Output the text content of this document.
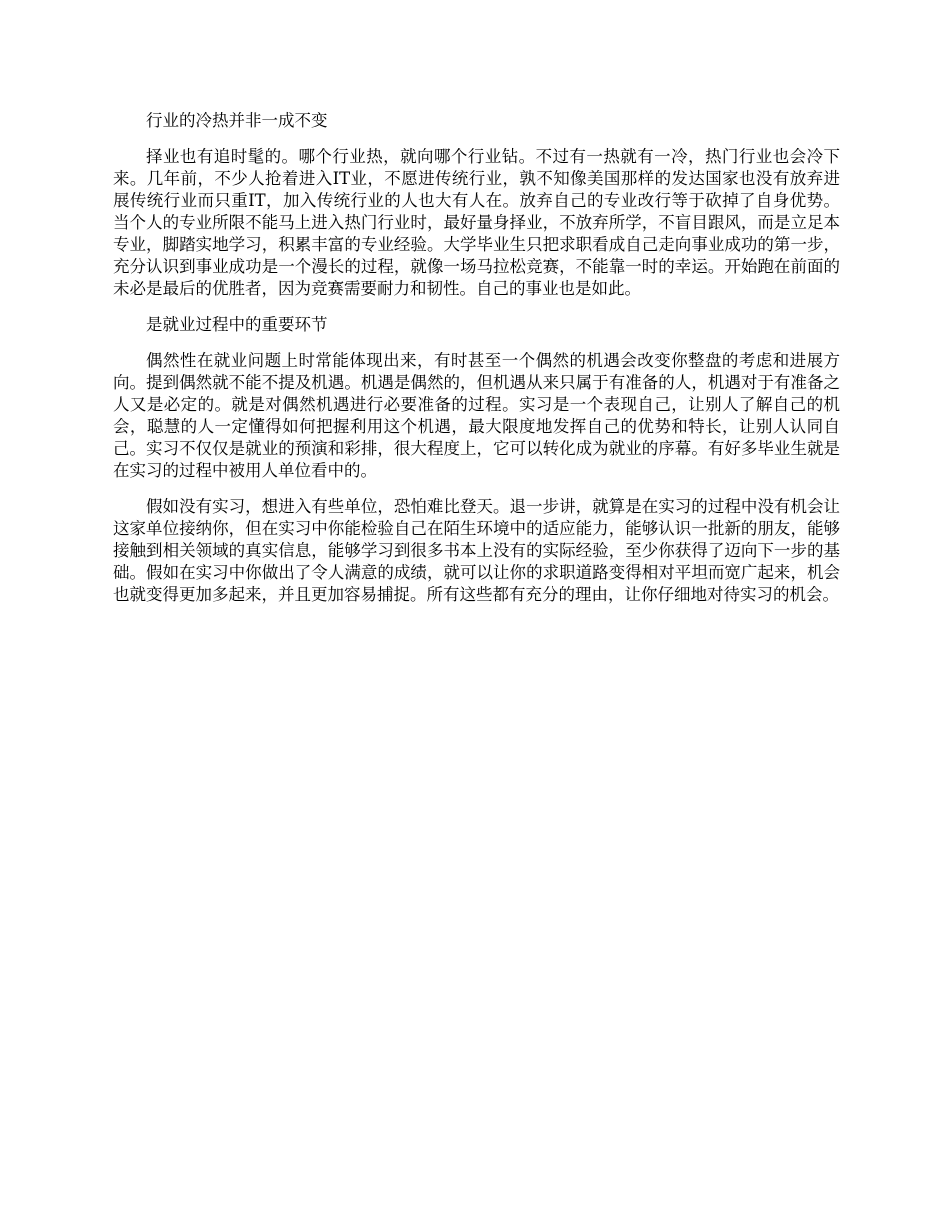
行业的冷热并非一成不变

择业也有追时髦的。哪个行业热，就向哪个行业钻。不过有一热就有一冷，热门行业也会冷下来。几年前，不少人抢着进入IT业，不愿进传统行业，孰不知像美国那样的发达国家也没有放弃进展传统行业而只重IT，加入传统行业的人也大有人在。放弃自己的专业改行等于砍掉了自身优势。当个人的专业所限不能马上进入热门行业时，最好量身择业，不放弃所学，不盲目跟风，而是立足本专业，脚踏实地学习，积累丰富的专业经验。大学毕业生只把求职看成自己走向事业成功的第一步，充分认识到事业成功是一个漫长的过程，就像一场马拉松竞赛，不能靠一时的幸运。开始跑在前面的未必是最后的优胜者，因为竞赛需要耐力和韧性。自己的事业也是如此。

是就业过程中的重要环节

偶然性在就业问题上时常能体现出来，有时甚至一个偶然的机遇会改变你整盘的考虑和进展方向。提到偶然就不能不提及机遇。机遇是偶然的，但机遇从来只属于有准备的人，机遇对于有准备之人又是必定的。就是对偶然机遇进行必要准备的过程。实习是一个表现自己，让别人了解自己的机会，聪慧的人一定懂得如何把握利用这个机遇，最大限度地发挥自己的优势和特长，让别人认同自己。实习不仅仅是就业的预演和彩排，很大程度上，它可以转化成为就业的序幕。有好多毕业生就是在实习的过程中被用人单位看中的。

假如没有实习，想进入有些单位，恐怕难比登天。退一步讲，就算是在实习的过程中没有机会让这家单位接纳你，但在实习中你能检验自己在陌生环境中的适应能力，能够认识一批新的朋友，能够接触到相关领域的真实信息，能够学习到很多书本上没有的实际经验，至少你获得了迈向下一步的基础。假如在实习中你做出了令人满意的成绩，就可以让你的求职道路变得相对平坦而宽广起来，机会也就变得更加多起来，并且更加容易捕捉。所有这些都有充分的理由，让你仔细地对待实习的机会。
